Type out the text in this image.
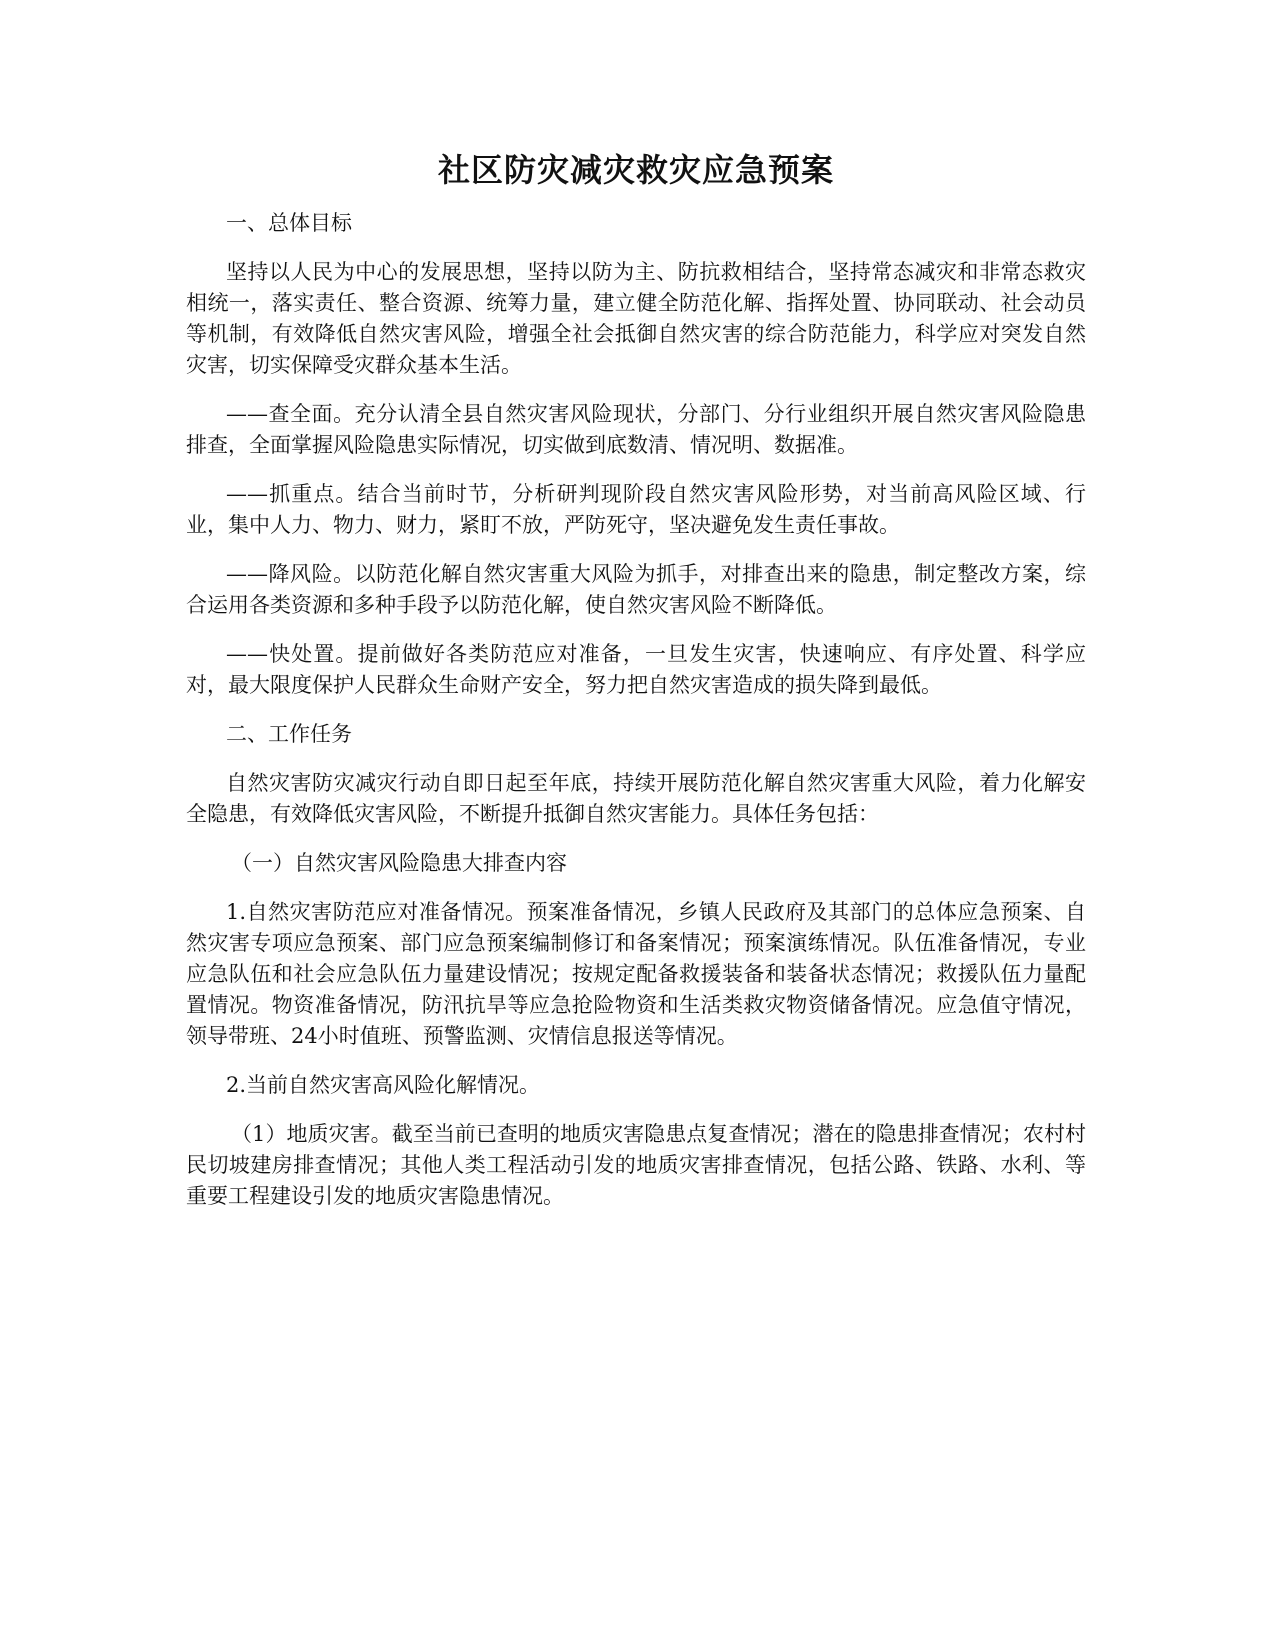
社区防灾减灾救灾应急预案
一、总体目标

坚持以人民为中心的发展思想，坚持以防为主、防抗救相结合，坚持常态减灾和非常态救灾相统一，落实责任、整合资源、统筹力量，建立健全防范化解、指挥处置、协同联动、社会动员等机制，有效降低自然灾害风险，增强全社会抵御自然灾害的综合防范能力，科学应对突发自然灾害，切实保障受灾群众基本生活。

——查全面。充分认清全县自然灾害风险现状，分部门、分行业组织开展自然灾害风险隐患排查，全面掌握风险隐患实际情况，切实做到底数清、情况明、数据准。

——抓重点。结合当前时节，分析研判现阶段自然灾害风险形势，对当前高风险区域、行业，集中人力、物力、财力，紧盯不放，严防死守，坚决避免发生责任事故。

——降风险。以防范化解自然灾害重大风险为抓手，对排查出来的隐患，制定整改方案，综合运用各类资源和多种手段予以防范化解，使自然灾害风险不断降低。

——快处置。提前做好各类防范应对准备，一旦发生灾害，快速响应、有序处置、科学应对，最大限度保护人民群众生命财产安全，努力把自然灾害造成的损失降到最低。

二、工作任务

自然灾害防灾减灾行动自即日起至年底，持续开展防范化解自然灾害重大风险，着力化解安全隐患，有效降低灾害风险，不断提升抵御自然灾害能力。具体任务包括：

（一）自然灾害风险隐患大排查内容

1.自然灾害防范应对准备情况。预案准备情况，乡镇人民政府及其部门的总体应急预案、自然灾害专项应急预案、部门应急预案编制修订和备案情况；预案演练情况。队伍准备情况，专业应急队伍和社会应急队伍力量建设情况；按规定配备救援装备和装备状态情况；救援队伍力量配置情况。物资准备情况，防汛抗旱等应急抢险物资和生活类救灾物资储备情况。应急值守情况，领导带班、24小时值班、预警监测、灾情信息报送等情况。

2.当前自然灾害高风险化解情况。

（1）地质灾害。截至当前已查明的地质灾害隐患点复查情况；潜在的隐患排查情况；农村村民切坡建房排查情况；其他人类工程活动引发的地质灾害排查情况，包括公路、铁路、水利、等重要工程建设引发的地质灾害隐患情况。
